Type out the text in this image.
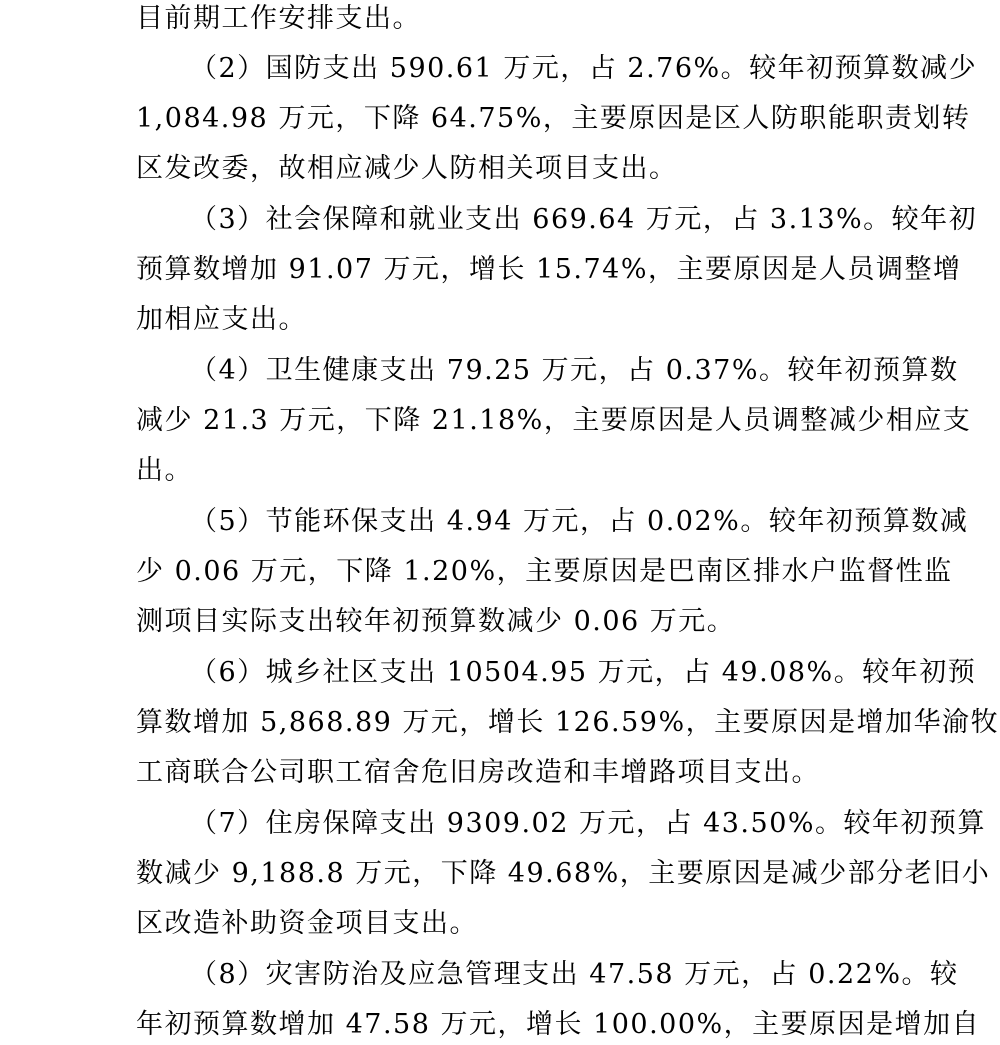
目前期工作安排支出。
（2）国防支出 590.61 万元，占 2.76%。较年初预算数减少
1,084.98 万元，下降 64.75%，主要原因是区人防职能职责划转
区发改委，故相应减少人防相关项目支出。
（3）社会保障和就业支出 669.64 万元，占 3.13%。较年初
预算数增加 91.07 万元，增长 15.74%，主要原因是人员调整增
加相应支出。
（4）卫生健康支出 79.25 万元，占 0.37%。较年初预算数
减少 21.3 万元，下降 21.18%，主要原因是人员调整减少相应支
出。
（5）节能环保支出 4.94 万元，占 0.02%。较年初预算数减
少 0.06 万元，下降 1.20%，主要原因是巴南区排水户监督性监
测项目实际支出较年初预算数减少 0.06 万元。
（6）城乡社区支出 10504.95 万元，占 49.08%。较年初预
算数增加 5,868.89 万元，增长 126.59%，主要原因是增加华渝牧
工商联合公司职工宿舍危旧房改造和丰增路项目支出。
（7）住房保障支出 9309.02 万元，占 43.50%。较年初预算
数减少 9,188.8 万元，下降 49.68%，主要原因是减少部分老旧小
区改造补助资金项目支出。
（8）灾害防治及应急管理支出 47.58 万元，占 0.22%。较
年初预算数增加 47.58 万元，增长 100.00%，主要原因是增加自
